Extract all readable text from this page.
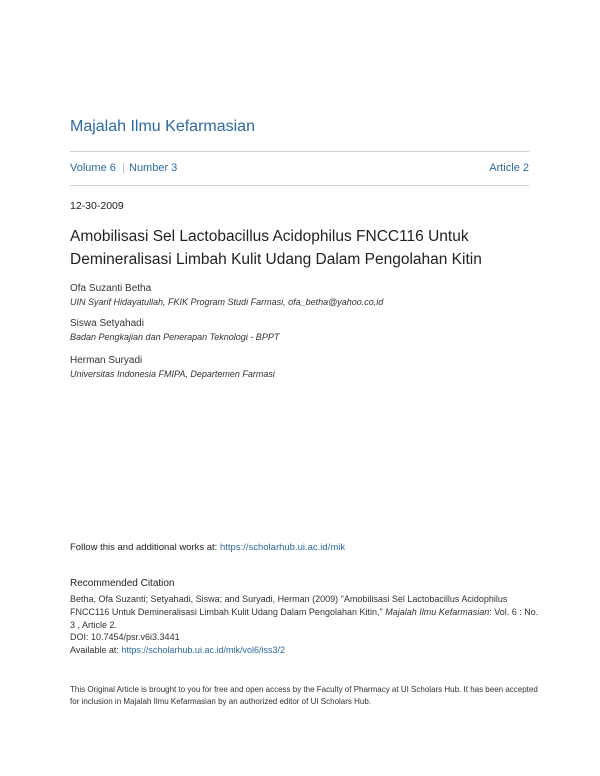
Majalah Ilmu Kefarmasian
Volume 6 | Number 3	Article 2
12-30-2009
Amobilisasi Sel Lactobacillus Acidophilus FNCC116 Untuk Demineralisasi Limbah Kulit Udang Dalam Pengolahan Kitin
Ofa Suzanti Betha
UIN Syarif Hidayatullah, FKIK Program Studi Farmasi, ofa_betha@yahoo.co.id
Siswa Setyahadi
Badan Pengkajian dan Penerapan Teknologi - BPPT
Herman Suryadi
Universitas Indonesia FMIPA, Departemen Farmasi
Follow this and additional works at: https://scholarhub.ui.ac.id/mik
Recommended Citation
Betha, Ofa Suzanti; Setyahadi, Siswa; and Suryadi, Herman (2009) "Amobilisasi Sel Lactobacillus Acidophilus FNCC116 Untuk Demineralisasi Limbah Kulit Udang Dalam Pengolahan Kitin," Majalah Ilmu Kefarmasian: Vol. 6 : No. 3 , Article 2.
DOI: 10.7454/psr.v6i3.3441
Available at: https://scholarhub.ui.ac.id/mik/vol6/iss3/2
This Original Article is brought to you for free and open access by the Faculty of Pharmacy at UI Scholars Hub. It has been accepted for inclusion in Majalah Ilmu Kefarmasian by an authorized editor of UI Scholars Hub.
